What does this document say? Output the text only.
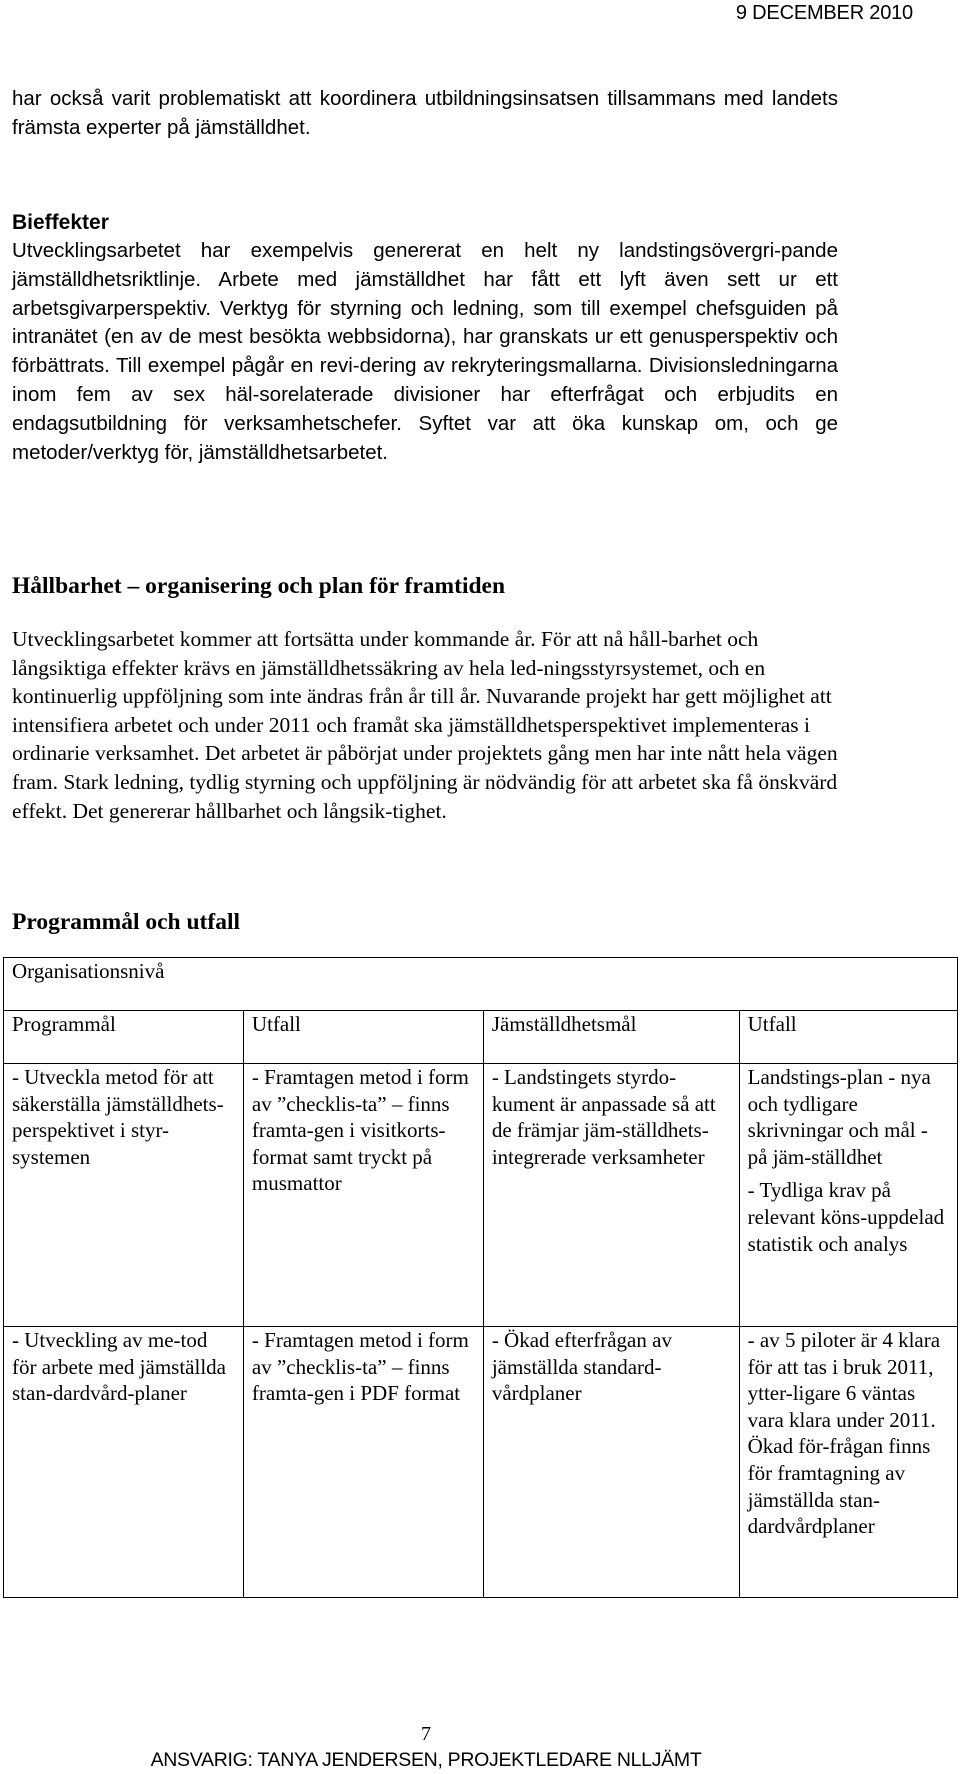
9 DECEMBER 2010

har också varit problematiskt att koordinera utbildningsinsatsen tillsammans med landets främsta experter på jämställdhet.

Bieffekter

Utvecklingsarbetet har exempelvis genererat en helt ny landstingsövergri-pande jämställdhetsriktlinje. Arbete med jämställdhet har fått ett lyft även sett ur ett arbetsgivarperspektiv. Verktyg för styrning och ledning, som till exempel chefsguiden på intranätet (en av de mest besökta webbsidorna), har granskats ur ett genusperspektiv och förbättrats. Till exempel pågår en revi-dering av rekryteringsmallarna. Divisionsledningarna inom fem av sex häl-sorelaterade divisioner har efterfrågat och erbjudits en endagsutbildning för verksamhetschefer. Syftet var att öka kunskap om, och ge metoder/verktyg för, jämställdhetsarbetet.

Hållbarhet – organisering och plan för framtiden

Utvecklingsarbetet kommer att fortsätta under kommande år. För att nå håll-barhet och långsiktiga effekter krävs en jämställdhetssäkring av hela led-ningsstyrsystemet, och en kontinuerlig uppföljning som inte ändras från år till år. Nuvarande projekt har gett möjlighet att intensifiera arbetet och under 2011 och framåt ska jämställdhetsperspektivet implementeras i ordinarie verksamhet. Det arbetet är påbörjat under projektets gång men har inte nått hela vägen fram. Stark ledning, tydlig styrning och uppföljning är nödvändig för att arbetet ska få önskvärd effekt. Det genererar hållbarhet och långsik-tighet.

Programmål och utfall
Organisationsnivå			
Programmål	Utfall	Jämställdhetsmål	Utfall

- Utveckla metod för att säkerställa jämställdhets-perspektivet i styr-systemen	- Framtagen metod i form av ”checklis-ta” – finns framta-gen i visitkorts-format samt tryckt på musmattor	- Landstingets styrdo-kument är anpassade så att de främjar jäm-ställdhets-integrerade verksamheter	Landstings-plan - nya och tydligare skrivningar och mål - på jäm-ställdhet
- Tydliga krav på relevant köns-uppdelad statistik och analys

- Utveckling av me-tod för arbete med jämställda stan-dardvård-planer	- Framtagen metod i form av ”checklis-ta” – finns framta-gen i PDF format	- Ökad efterfrågan av jämställda standard-vårdplaner	- av 5 piloter är 4 klara för att tas i bruk 2011, ytter-ligare 6 väntas vara klara under 2011. Ökad för-frågan finns för framtagning av jämställda stan-dardvårdplaner
7
ANSVARIG: TANYA JENDERSEN, PROJEKTLEDARE NLLJÄMT
